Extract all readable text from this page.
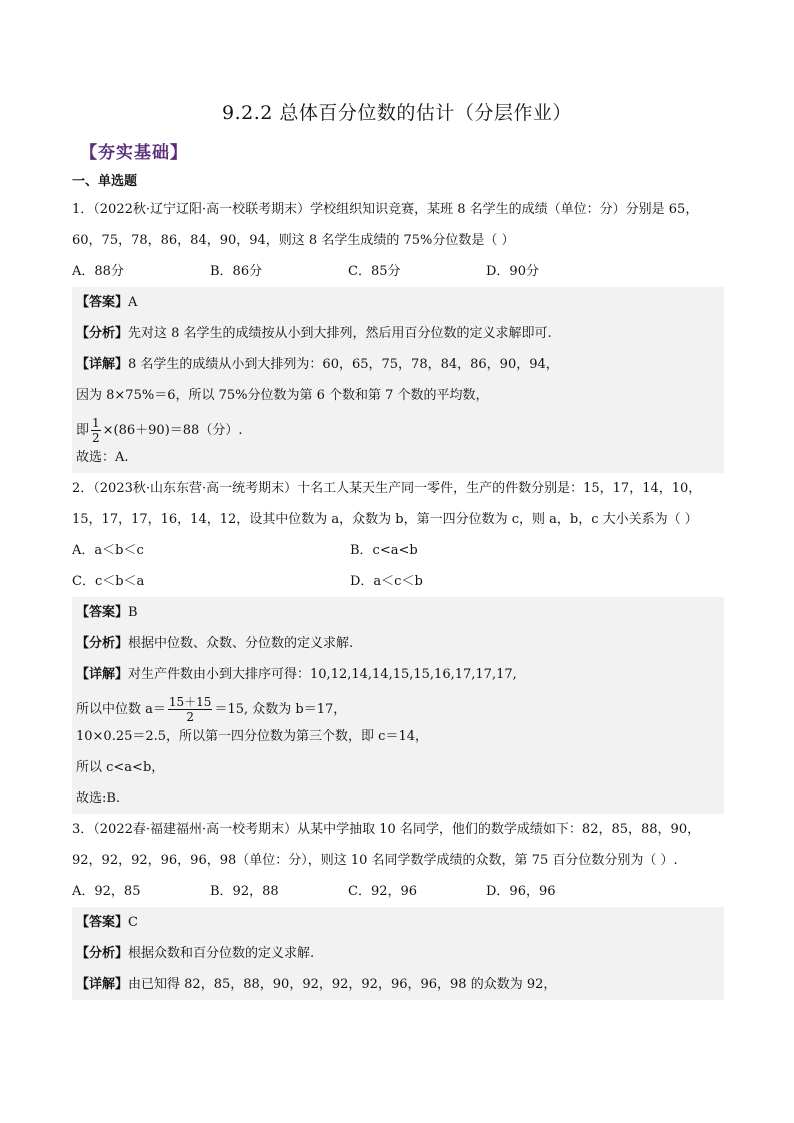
9.2.2 总体百分位数的估计（分层作业）
【夯实基础】
一、单选题
1．（2022秋·辽宁辽阳·高一校联考期末）学校组织知识竞赛，某班 8 名学生的成绩（单位：分）分别是 65，60，75，78，86，84，90，94，则这 8 名学生成绩的 75%分位数是（ ）
A．88分	B．86分	C．85分	D．90分
【答案】A
【分析】先对这 8 名学生的成绩按从小到大排列，然后用百分位数的定义求解即可.
【详解】8 名学生的成绩从小到大排列为：60，65，75，78，84，86，90，94，
因为 8×75%＝6，所以 75%分位数为第 6 个数和第 7 个数的平均数，
即 $\frac{1}{2} \times(86+90)=88$（分）.
故选：A.
2．（2023秋·山东东营·高一统考期末）十名工人某天生产同一零件，生产的件数分别是：15，17，14，10，15，17，17，16，14，12，设其中位数为 a，众数为 b，第一四分位数为 c，则 a，b，c 大小关系为（ ）
A．a＜b＜c	B．c<a<b
C．c＜b＜a	D．a＜c＜b
【答案】B
【分析】根据中位数、众数、分位数的定义求解.
【详解】对生产件数由小到大排序可得：10,12,14,14,15,15,16,17,17,17,
所以中位数 $a= \frac{15+15}{2} =15$, 众数为 b＝17，
10×0.25＝2.5，所以第一四分位数为第三个数，即 c＝14，
所以 c<a<b，
故选:B.
3．（2022春·福建福州·高一校考期末）从某中学抽取 10 名同学，他们的数学成绩如下：82，85，88，90，92，92，92，96，96，98（单位：分），则这 10 名同学数学成绩的众数，第 75 百分位数分别为（ ）.
A．92，85	B．92，88	C．92，96	D．96，96
【答案】C
【分析】根据众数和百分位数的定义求解.
【详解】由已知得 82，85，88，90，92，92，92，96，96，98 的众数为 92，
